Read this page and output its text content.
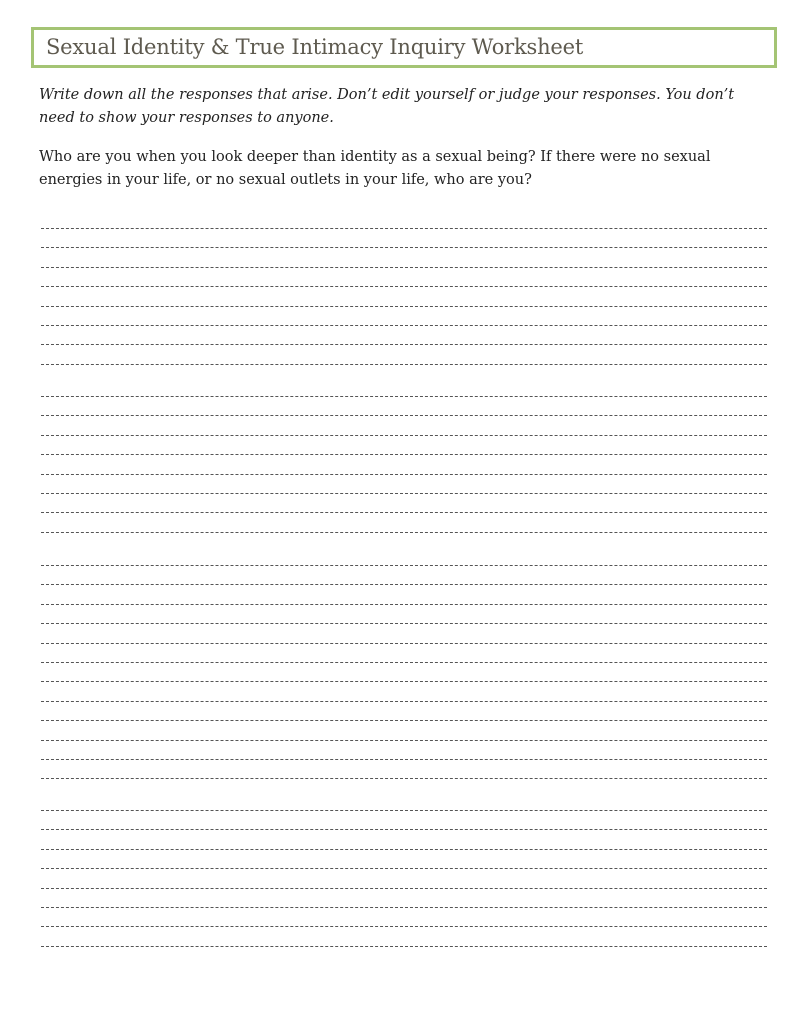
Sexual Identity & True Intimacy Inquiry Worksheet

Write down all the responses that arise. Don’t edit yourself or judge your responses. You don’t need to show your responses to anyone.

Who are you when you look deeper than identity as a sexual being? If there were no sexual energies in your life, or no sexual outlets in your life, who are you?
